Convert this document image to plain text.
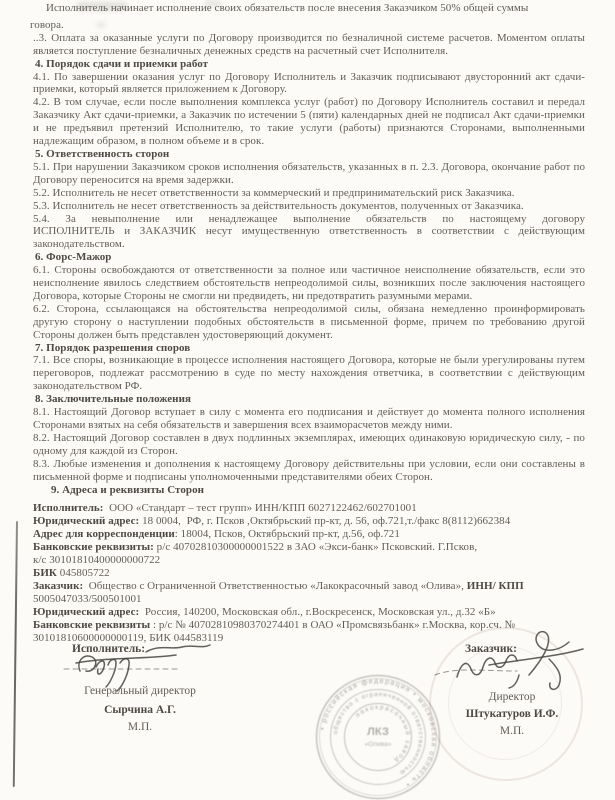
Исполнитель начинает исполнение своих обязательств после внесения Заказчиком 50% общей суммы
говора.
..3. Оплата за оказанные услуги по Договору производится по безналичной системе расчетов. Моментом оплаты является поступление безналичных денежных средств на расчетный счет Исполнителя.
4. Порядок сдачи и приемки работ
4.1. По завершении оказания услуг по Договору Исполнитель и Заказчик подписывают двусторонний акт сдачи-приемки, который является приложением к Договору.
4.2. В том случае, если после выполнения комплекса услуг (работ) по Договору Исполнитель составил и передал Заказчику Акт сдачи-приемки, а Заказчик по истечении 5 (пяти) календарных дней не подписал Акт сдачи-приемки и не предъявил претензий Исполнителю, то такие услуги (работы) признаются Сторонами, выполненными надлежащим образом, в полном объеме и в срок.
5. Ответственность сторон
5.1. При нарушении Заказчиком сроков исполнения обязательств, указанных в п. 2.3. Договора, окончание работ по Договору переносится на время задержки.
5.2. Исполнитель не несет ответственности за коммерческий и предпринимательский риск Заказчика.
5.3. Исполнитель не несет ответственность за действительность документов, полученных от Заказчика.
5.4. За невыполнение или ненадлежащее выполнение обязательств по настоящему договору ИСПОЛНИТЕЛЬ и ЗАКАЗЧИК несут имущественную ответственность в соответствии с действующим законодательством.
6. Форс-Мажор
6.1. Стороны освобождаются от ответственности за полное или частичное неисполнение обязательств, если это неисполнение явилось следствием обстоятельств непреодолимой силы, возникших после заключения настоящего Договора, которые Стороны не смогли ни предвидеть, ни предотвратить разумными мерами.
6.2. Сторона, ссылающаяся на обстоятельства непреодолимой силы, обязана немедленно проинформировать другую сторону о наступлении подобных обстоятельств в письменной форме, причем по требованию другой Стороны должен быть представлен удостоверяющий документ.
7. Порядок разрешения споров
7.1. Все споры, возникающие в процессе исполнения настоящего Договора, которые не были урегулированы путем переговоров, подлежат рассмотрению в суде по месту нахождения ответчика, в соответствии с действующим законодательством РФ.
8. Заключительные положения
8.1. Настоящий Договор вступает в силу с момента его подписания и действует до момента полного исполнения Сторонами взятых на себя обязательств и завершения всех взаиморасчетов между ними.
8.2. Настоящий Договор составлен в двух подлинных экземплярах, имеющих одинаковую юридическую силу, - по одному для каждой из Сторон.
8.3. Любые изменения и дополнения к настоящему Договору действительны при условии, если они составлены в письменной форме и подписаны уполномоченными представителями обеих Сторон.
9. Адреса и реквизиты Сторон
Исполнитель:  ООО «Стандарт – тест групп» ИНН/КПП 6027122462/602701001
Юридический адрес: 18 0004,  РФ, г. Псков ,Октябрьский пр-кт, д. 56, оф.721,т./факс 8(8112)662384
Адрес для корреспонденции: 18004, Псков, Октябрьский пр-кт, д.56, оф.721
Банковские реквизиты: р/с 40702810300000001522 в ЗАО «Экси-банк» Псковский. Г.Псков,
к/с 30101810400000000722
БИК 045805722
Заказчик:  Общество с Ограниченной Ответственностью «Лакокрасочный завод «Олива», ИНН/ КПП
5005047033/500501001
Юридический адрес:  Россия, 140200, Московская обл., г.Воскресенск, Московская ул., д.32 «Б»
Банковские реквизиты : р/с № 40702810980370274401 в ОАО «Промсвязьбанк» г.Москва, кор.сч. №
30101810600000000119, БИК 044583119
Исполнитель:
Генеральный директор
Сырчина А.Г.
М.П.
Заказчик:
Директор
Штукатуров И.Ф.
М.П.
• российская федерация • московская область •
общество с ограниченной ответственностью
лакокрасочный завод
ЛКЗ
«Олива»
